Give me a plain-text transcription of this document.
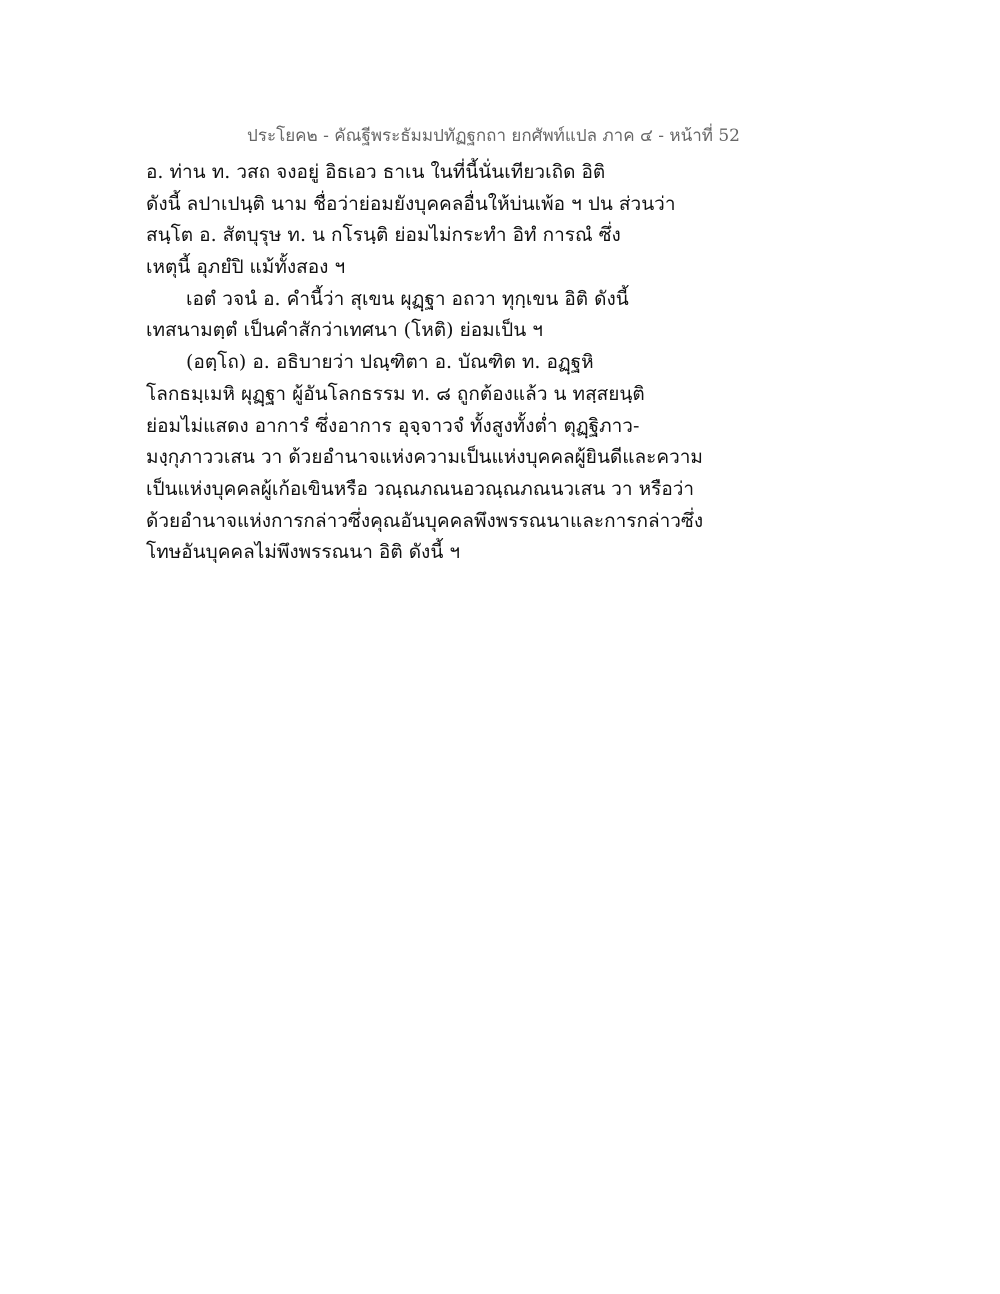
ประโยค๒ - คัณฐีพระธัมมปทัฏฐกถา ยกศัพท์แปล ภาค ๔ - หน้าที่ 52
อ. ท่าน ท. วสถ จงอยู่ อิธเอว ธาเน ในที่นี้นั่นเทียวเถิด อิติ
ดังนี้ ลปาเปนฺติ นาม ชื่อว่าย่อมยังบุคคลอื่นให้บ่นเพ้อ ฯ ปน ส่วนว่า
สนฺโต อ. สัตบุรุษ ท. น กโรนฺติ ย่อมไม่กระทำ อิทํ การณํ ซึ่ง
เหตุนี้ อุภยํปิ แม้ทั้งสอง ฯ
เอตํ วจนํ อ. คำนี้ว่า สุเขน ผุฏฺฐา อถวา ทุกฺเขน อิติ ดังนี้
เทสนามตฺตํ เป็นคำสักว่าเทศนา (โหติ) ย่อมเป็น ฯ
(อตฺโถ) อ. อธิบายว่า ปณฺฑิตา อ. บัณฑิต ท. อฏฺฐหิ
โลกธมฺเมหิ ผุฏฺฐา ผู้อันโลกธรรม ท. ๘ ถูกต้องแล้ว น ทสฺสยนฺติ
ย่อมไม่แสดง อาการํ ซึ่งอาการ อุจฺจาวจํ ทั้งสูงทั้งต่ำ ตุฏฺฐิภาว-
มงฺกุภาววเสน วา ด้วยอำนาจแห่งความเป็นแห่งบุคคลผู้ยินดีและความ
เป็นแห่งบุคคลผู้เก้อเขินหรือ วณฺณภณนอวณฺณภณนวเสน วา หรือว่า
ด้วยอำนาจแห่งการกล่าวซึ่งคุณอันบุคคลพึงพรรณนาและการกล่าวซึ่ง
โทษอันบุคคลไม่พึงพรรณนา อิติ ดังนี้ ฯ
